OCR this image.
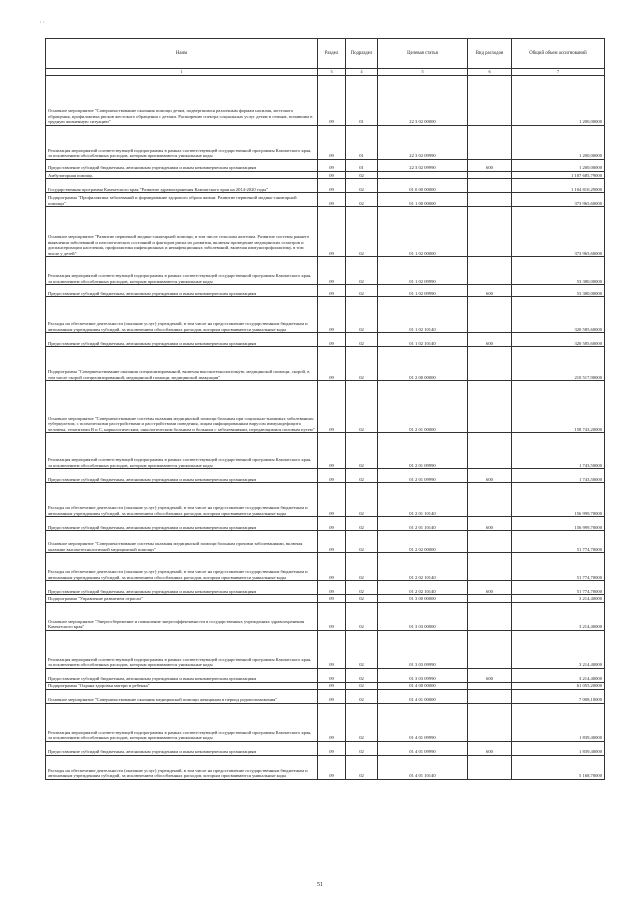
, ,
Наим	Раздел	Подраздел	Целевая статья	Вид расходов	Общий объем ассигнований
1	3	4	5	6	7
Основное мероприятие "Совершенствование оказания помощи детям, подвергшимся различным формам насилия, жестокого обращения, профилактика рисков жестокого обращения с детьми. Расширение спектра социальных услуг детям и семьям, попавшим в трудную жизненную ситуацию"	09	01	22 3 02 00000		1 200,00000
Реализация мероприятий соответствующей подпрограммы в рамках соответствующей государственной программы Камчатского края, за исключением обособленных расходов, которым присваиваются уникальные коды	09	01	22 3 02 09990		1 200,00000
Предоставление субсидий бюджетным, автономным учреждениям и иным некоммерческим организациям	09	01	22 3 02 09990	600	1 200,00000
Амбулаторная помощь	09	02			1 107 685,79000
Государственная программа Камчатского края "Развитие здравоохранения Камчатского края на 2014-2020 годы"	09	02	01 0 00 00000		1 104 810,29000
Подпрограмма "Профилактика заболеваний и формирование здорового образа жизни. Развитие первичной медико-санитарной помощи"	09	02	01 1 00 00000		373 965,60000
Основное мероприятие "Развитие первичной медико-санитарной помощи, в том числе сельским жителям. Развитие системы раннего выявления заболеваний и патологических состояний и факторов риска их развития, включая проведение медицинских осмотров и диспансеризации населения, профилактика инфекционных и неинфекционных заболеваний, включая иммунопрофилактику, в том числе у детей"	09	02	01 1 02 00000		373 965,60000
Реализация мероприятий соответствующей подпрограммы в рамках соответствующей государственной программы Камчатского края, за исключением обособленных расходов, которым присваиваются уникальные коды	09	02	01 1 02 09990		53 380,00000
Предоставление субсидий бюджетным, автономным учреждениям и иным некоммерческим организациям	09	02	01 1 02 09990	600	53 380,00000
Расходы на обеспечение деятельности (оказание услуг) учреждений, в том числе на предоставление государственным бюджетным и автономным учреждениям субсидий, за исключением обособленных расходов, которым присваиваются уникальные коды	09	02	01 1 02 10140		320 585,60000
Предоставление субсидий бюджетным, автономным учреждениям и иным некоммерческим организациям	09	02	01 1 02 10140	600	320 585,60000
Подпрограмма "Совершенствование оказания специализированной, включая высокотехнологичную, медицинской помощи, скорой, в том числе скорой специализированной, медицинской помощи, медицинской эвакуации"	09	02	01 2 00 00000		210 517,90000
Основное мероприятие "Совершенствование системы оказания медицинской помощи больным при социально-значимых заболеваниях: туберкулезом, с психическими расстройствами и расстройствами поведения, лицам инфицированным вирусом иммунодефицита человека, гепатитами B и C, наркологическим, онкологическим больным и больным с заболеваниями, передающимися половым путем"	09	02	01 2 01 00000		158 743,20000
Реализация мероприятий соответствующей подпрограммы в рамках соответствующей государственной программы Камчатского края, за исключением обособленных расходов, которым присваиваются уникальные коды	09	02	01 2 01 09990		1 743,50000
Предоставление субсидий бюджетным, автономным учреждениям и иным некоммерческим организациям	09	02	01 2 01 09990	600	1 743,50000
Расходы на обеспечение деятельности (оказание услуг) учреждений, в том числе на предоставление государственным бюджетным и автономным учреждениям субсидий, за исключением обособленных расходов, которым присваиваются уникальные коды	09	02	01 2 01 10140		156 999,70000
Предоставление субсидий бюджетным, автономным учреждениям и иным некоммерческим организациям	09	02	01 2 01 10140	600	156 999,70000
Основное мероприятие "Совершенствование системы оказания медицинской помощи больным прочими заболеваниями, включая оказание высокотехнологичной медицинской помощи"	09	02	01 2 02 00000		51 774,70000
Расходы на обеспечение деятельности (оказание услуг) учреждений, в том числе на предоставление государственным бюджетным и автономным учреждениям субсидий, за исключением обособленных расходов, которым присваиваются уникальные коды	09	02	01 2 02 10140		51 774,70000
Предоставление субсидий бюджетным, автономным учреждениям и иным некоммерческим организациям	09	02	01 2 02 10140	600	51 774,70000
Подпрограмма "Управление развитием отрасли"	09	02	01 3 00 00000		3 214,40000
Основное мероприятие "Энергосбережение и повышение энергоэффективности в государственных учреждениях здравоохранения Камчатского края"	09	02	01 3 03 00000		3 214,40000
Реализация мероприятий соответствующей подпрограммы в рамках соответствующей государственной программы Камчатского края, за исключением обособленных расходов, которым присваиваются уникальные коды	09	02	01 3 03 09990		3 214,40000
Предоставление субсидий бюджетным, автономным учреждениям и иным некоммерческим организациям	09	02	01 3 03 09990	600	3 214,40000
Подпрограмма "Охрана здоровья матери и ребенка"	09	02	01 4 00 00000		61 055,20000
Основное мероприятие "Совершенствование оказания медицинской помощи женщинам в период родовспоможения"	09	02	01 4 01 00000		7 008,10000
Реализация мероприятий соответствующей подпрограммы в рамках соответствующей государственной программы Камчатского края, за исключением обособленных расходов, которым присваиваются уникальные коды	09	02	01 4 01 09990		1 839,40000
Предоставление субсидий бюджетным, автономным учреждениям и иным некоммерческим организациям	09	02	01 4 01 09990	600	1 839,40000
Расходы на обеспечение деятельности (оказание услуг) учреждений, в том числе на предоставление государственным бюджетным и автономным учреждениям субсидий, за исключением обособленных расходов, которым присваиваются уникальные коды	09	02	01 4 01 10140		5 168,70000
51
